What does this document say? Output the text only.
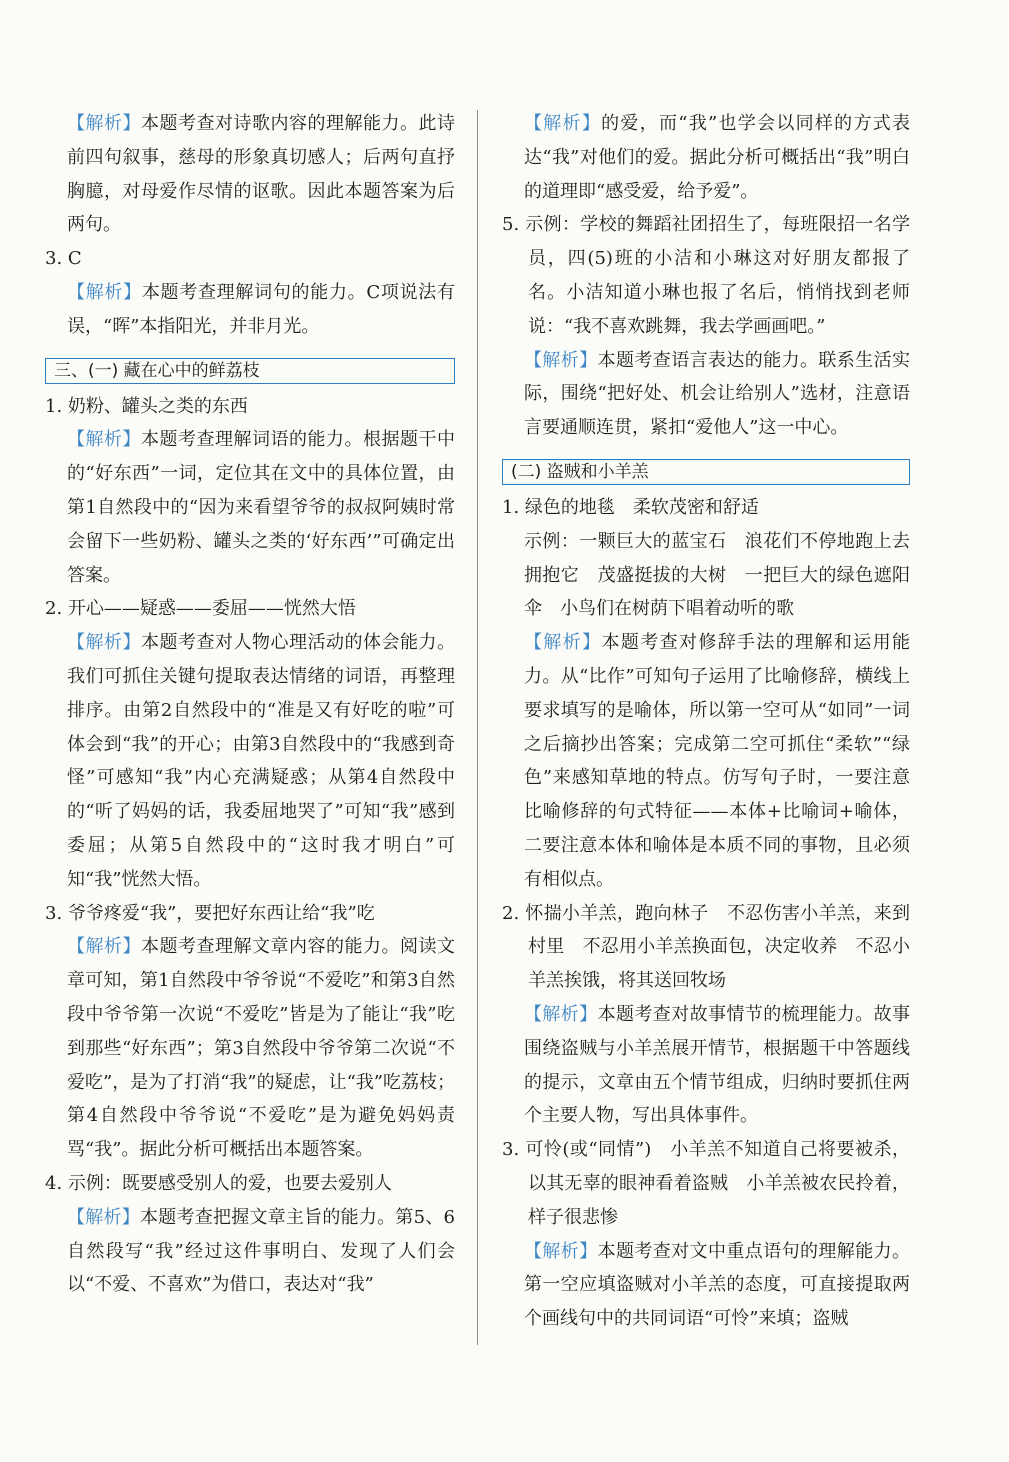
【解析】本题考查对诗歌内容的理解能力。此诗前四句叙事，慈母的形象真切感人；后两句直抒胸臆，对母爱作尽情的讴歌。因此本题答案为后两句。

3. C

【解析】本题考查理解词句的能力。C项说法有误，“晖”本指阳光，并非月光。

三、(一) 藏在心中的鲜荔枝

1. 奶粉、罐头之类的东西

【解析】本题考查理解词语的能力。根据题干中的“好东西”一词，定位其在文中的具体位置，由第1自然段中的“因为来看望爷爷的叔叔阿姨时常会留下一些奶粉、罐头之类的‘好东西’”可确定出答案。

2. 开心——疑惑——委屈——恍然大悟

【解析】本题考查对人物心理活动的体会能力。我们可抓住关键句提取表达情绪的词语，再整理排序。由第2自然段中的“准是又有好吃的啦”可体会到“我”的开心；由第3自然段中的“我感到奇怪”可感知“我”内心充满疑惑；从第4自然段中的“听了妈妈的话，我委屈地哭了”可知“我”感到委屈；从第5自然段中的“这时我才明白”可知“我”恍然大悟。

3. 爷爷疼爱“我”，要把好东西让给“我”吃

【解析】本题考查理解文章内容的能力。阅读文章可知，第1自然段中爷爷说“不爱吃”和第3自然段中爷爷第一次说“不爱吃”皆是为了能让“我”吃到那些“好东西”；第3自然段中爷爷第二次说“不爱吃”，是为了打消“我”的疑虑，让“我”吃荔枝；第4自然段中爷爷说“不爱吃”是为避免妈妈责骂“我”。据此分析可概括出本题答案。

4. 示例：既要感受别人的爱，也要去爱别人

【解析】本题考查把握文章主旨的能力。第5、6自然段写“我”经过这件事明白、发现了人们会以“不爱、不喜欢”为借口，表达对“我”

【解析】的爱，而“我”也学会以同样的方式表达“我”对他们的爱。据此分析可概括出“我”明白的道理即“感受爱，给予爱”。

5. 示例：学校的舞蹈社团招生了，每班限招一名学员，四(5)班的小洁和小琳这对好朋友都报了名。小洁知道小琳也报了名后，悄悄找到老师说：“我不喜欢跳舞，我去学画画吧。”

【解析】本题考查语言表达的能力。联系生活实际，围绕“把好处、机会让给别人”选材，注意语言要通顺连贯，紧扣“爱他人”这一中心。

(二) 盗贼和小羊羔

1. 绿色的地毯　柔软茂密和舒适

示例：一颗巨大的蓝宝石　浪花们不停地跑上去拥抱它　茂盛挺拔的大树　一把巨大的绿色遮阳伞　小鸟们在树荫下唱着动听的歌

【解析】本题考查对修辞手法的理解和运用能力。从“比作”可知句子运用了比喻修辞，横线上要求填写的是喻体，所以第一空可从“如同”一词之后摘抄出答案；完成第二空可抓住“柔软”“绿色”来感知草地的特点。仿写句子时，一要注意比喻修辞的句式特征——本体+比喻词+喻体，二要注意本体和喻体是本质不同的事物，且必须有相似点。

2. 怀揣小羊羔，跑向林子　不忍伤害小羊羔，来到村里　不忍用小羊羔换面包，决定收养　不忍小羊羔挨饿，将其送回牧场

【解析】本题考查对故事情节的梳理能力。故事围绕盗贼与小羊羔展开情节，根据题干中答题线的提示，文章由五个情节组成，归纳时要抓住两个主要人物，写出具体事件。

3. 可怜(或“同情”)　小羊羔不知道自己将要被杀，以其无辜的眼神看着盗贼　小羊羔被农民拎着，样子很悲惨

【解析】本题考查对文中重点语句的理解能力。第一空应填盗贼对小羊羔的态度，可直接提取两个画线句中的共同词语“可怜”来填；盗贼
